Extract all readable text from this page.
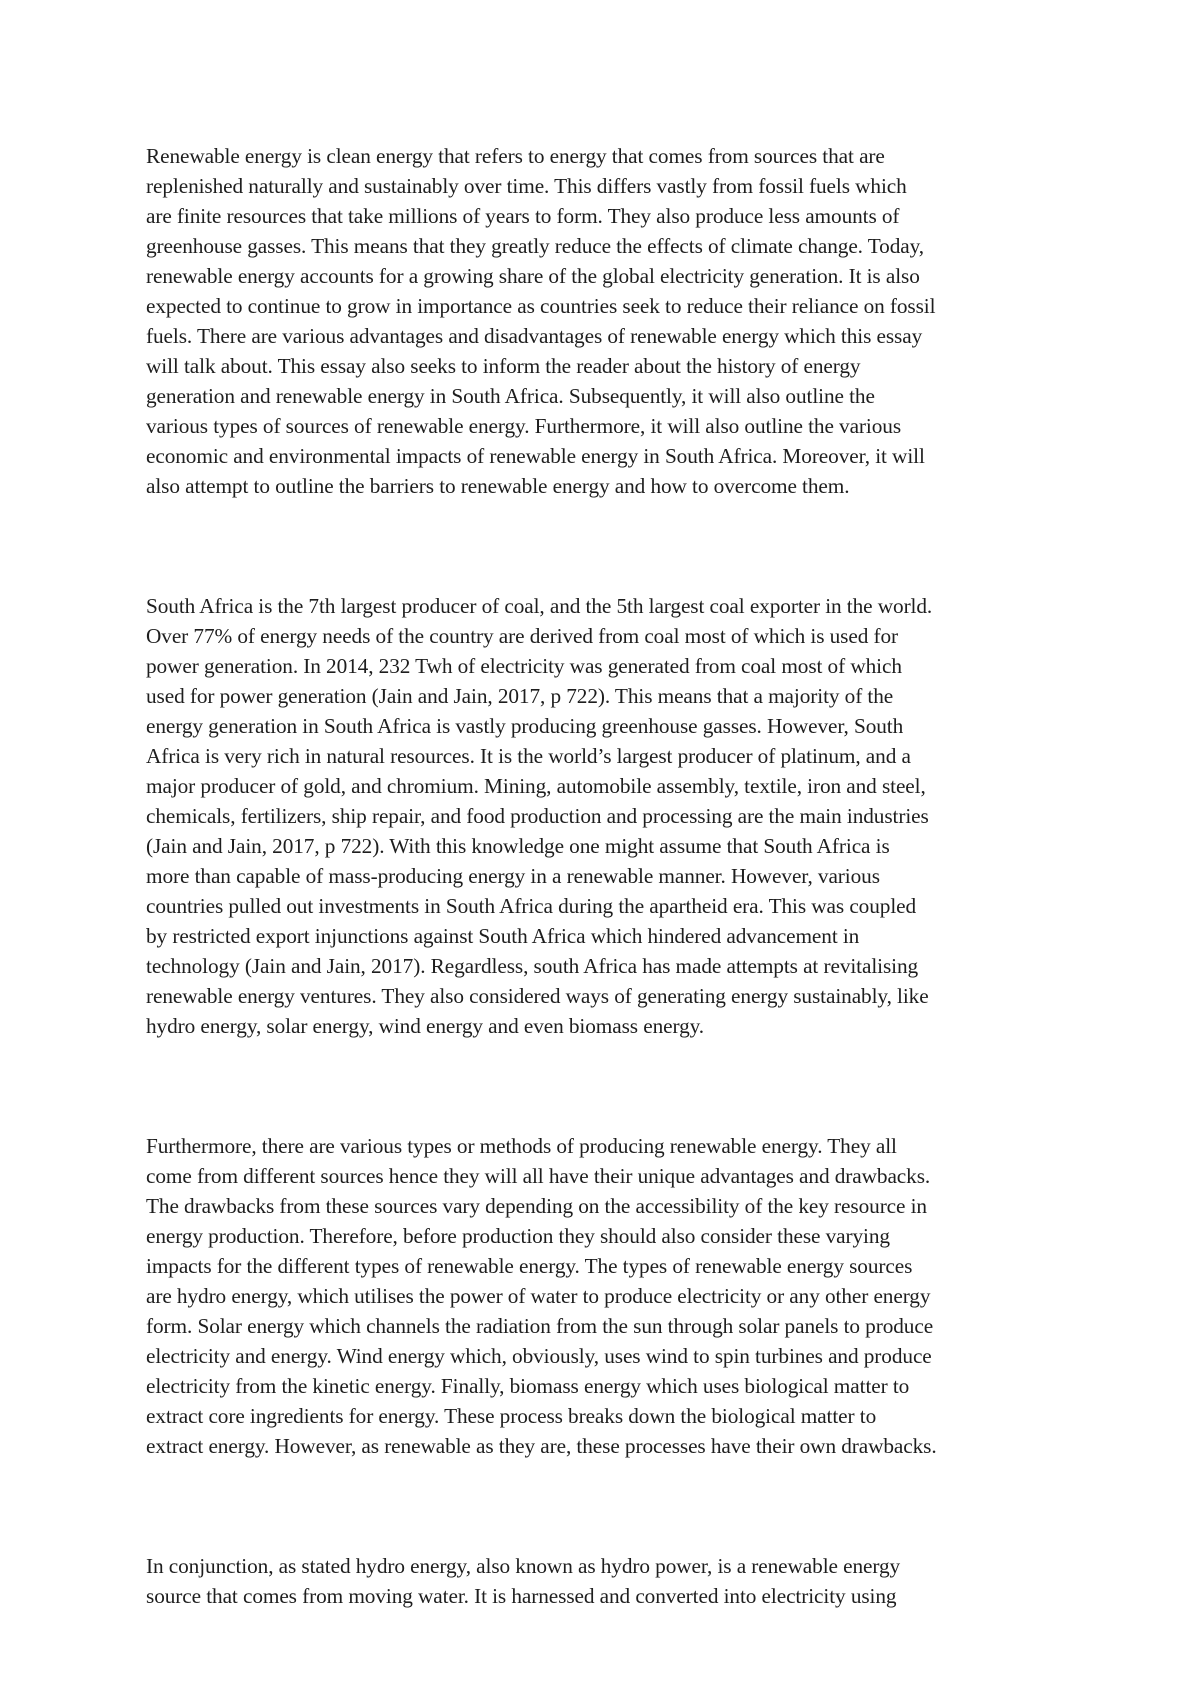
Renewable energy is clean energy that refers to energy that comes from sources that are
replenished naturally and sustainably over time. This differs vastly from fossil fuels which
are finite resources that take millions of years to form. They also produce less amounts of
greenhouse gasses. This means that they greatly reduce the effects of climate change. Today,
renewable energy accounts for a growing share of the global electricity generation. It is also
expected to continue to grow in importance as countries seek to reduce their reliance on fossil
fuels. There are various advantages and disadvantages of renewable energy which this essay
will talk about. This essay also seeks to inform the reader about the history of energy
generation and renewable energy in South Africa. Subsequently, it will also outline the
various types of sources of renewable energy. Furthermore, it will also outline the various
economic and environmental impacts of renewable energy in South Africa. Moreover, it will
also attempt to outline the barriers to renewable energy and how to overcome them.

South Africa is the 7th largest producer of coal, and the 5th largest coal exporter in the world.
Over 77% of energy needs of the country are derived from coal most of which is used for
power generation. In 2014, 232 Twh of electricity was generated from coal most of which
used for power generation (Jain and Jain, 2017, p 722). This means that a majority of the
energy generation in South Africa is vastly producing greenhouse gasses. However, South
Africa is very rich in natural resources. It is the world’s largest producer of platinum, and a
major producer of gold, and chromium. Mining, automobile assembly, textile, iron and steel,
chemicals, fertilizers, ship repair, and food production and processing are the main industries
(Jain and Jain, 2017, p 722). With this knowledge one might assume that South Africa is
more than capable of mass-producing energy in a renewable manner. However, various
countries pulled out investments in South Africa during the apartheid era. This was coupled
by restricted export injunctions against South Africa which hindered advancement in
technology (Jain and Jain, 2017). Regardless, south Africa has made attempts at revitalising
renewable energy ventures. They also considered ways of generating energy sustainably, like
hydro energy, solar energy, wind energy and even biomass energy.

Furthermore, there are various types or methods of producing renewable energy. They all
come from different sources hence they will all have their unique advantages and drawbacks.
The drawbacks from these sources vary depending on the accessibility of the key resource in
energy production. Therefore, before production they should also consider these varying
impacts for the different types of renewable energy. The types of renewable energy sources
are hydro energy, which utilises the power of water to produce electricity or any other energy
form. Solar energy which channels the radiation from the sun through solar panels to produce
electricity and energy. Wind energy which, obviously, uses wind to spin turbines and produce
electricity from the kinetic energy. Finally, biomass energy which uses biological matter to
extract core ingredients for energy. These process breaks down the biological matter to
extract energy. However, as renewable as they are, these processes have their own drawbacks.

In conjunction, as stated hydro energy, also known as hydro power, is a renewable energy
source that comes from moving water. It is harnessed and converted into electricity using
